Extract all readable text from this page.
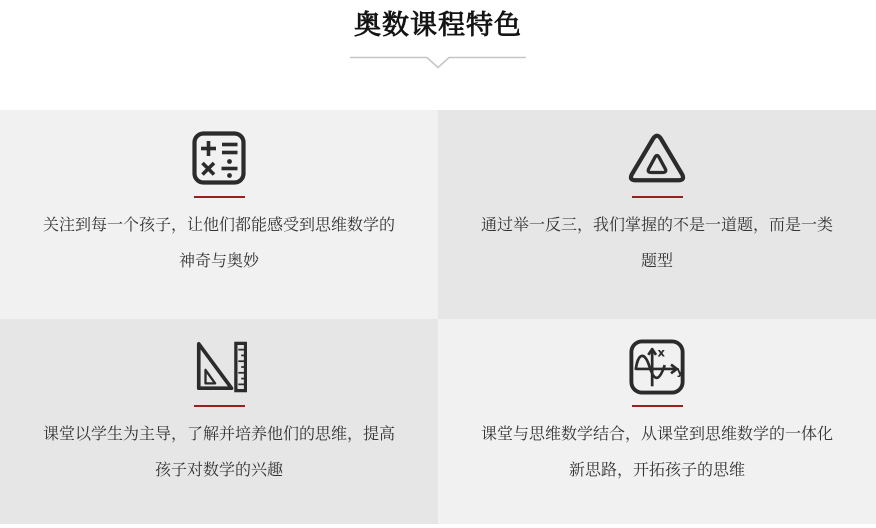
奥数课程特色
关注到每一个孩子，让他们都能感受到思维数学的
神奇与奥妙
通过举一反三，我们掌握的不是一道题，而是一类
题型
课堂以学生为主导，了解并培养他们的思维，提高
孩子对数学的兴趣
x
y
课堂与思维数学结合，从课堂到思维数学的一体化
新思路，开拓孩子的思维
